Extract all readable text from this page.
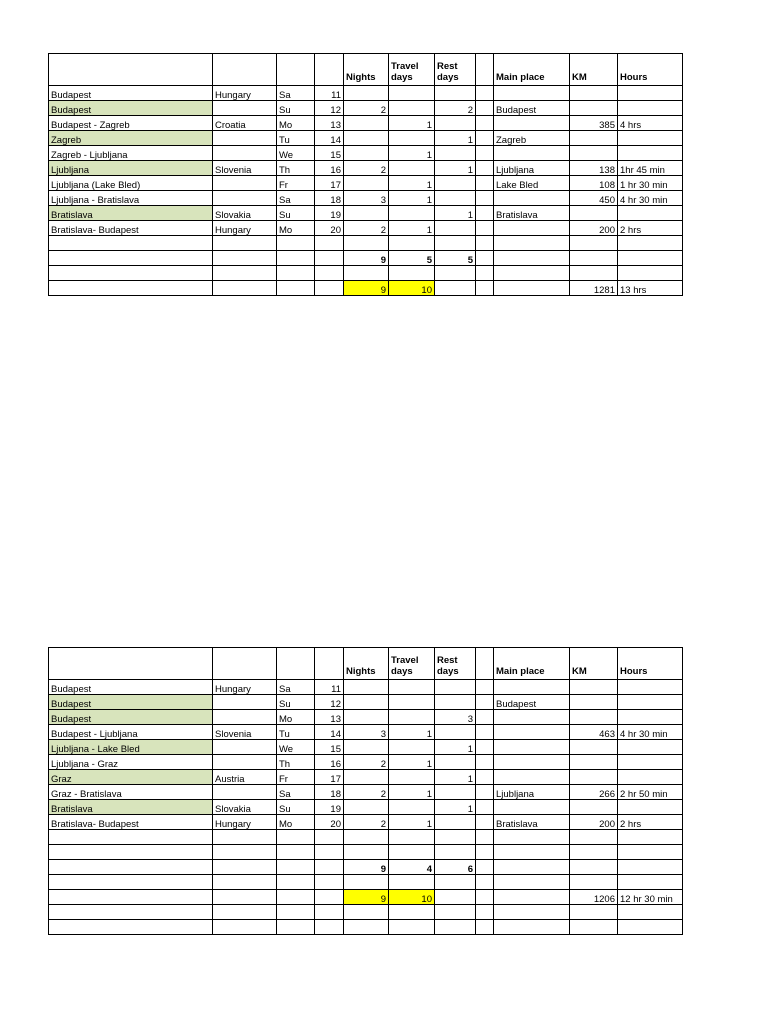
				Nights	Travel days	Rest days		Main place	KM	Hours
Budapest	Hungary	Sa	11							
Budapest		Su	12	2		2		Budapest		
Budapest - Zagreb	Croatia	Mo	13		1				385	4 hrs
Zagreb		Tu	14			1		Zagreb		
Zagreb - Ljubljana		We	15		1					
Ljubljana	Slovenia	Th	16	2		1		Ljubljana	138	1hr 45 min
Ljubljana (Lake Bled)		Fr	17		1			Lake Bled	108	1 hr 30 min
Ljubljana - Bratislava		Sa	18	3	1				450	4 hr 30 min
Bratislava	Slovakia	Su	19			1		Bratislava		
Bratislava- Budapest	Hungary	Mo	20	2	1				200	2 hrs

				9	5	5				

				9	10				1281	13 hrs
				Nights	Travel days	Rest days		Main place	KM	Hours
Budapest	Hungary	Sa	11							
Budapest		Su	12					Budapest		
Budapest		Mo	13			3				
Budapest - Ljubljana	Slovenia	Tu	14	3	1				463	4 hr 30 min
Ljubljana - Lake Bled		We	15			1				
Ljubljana - Graz		Th	16	2	1					
Graz	Austria	Fr	17			1				
Graz - Bratislava		Sa	18	2	1			Ljubljana	266	2 hr 50 min
Bratislava	Slovakia	Su	19			1				
Bratislava- Budapest	Hungary	Mo	20	2	1			Bratislava	200	2 hrs

				9	4	6				

				9	10				1206	12 hr 30 min
